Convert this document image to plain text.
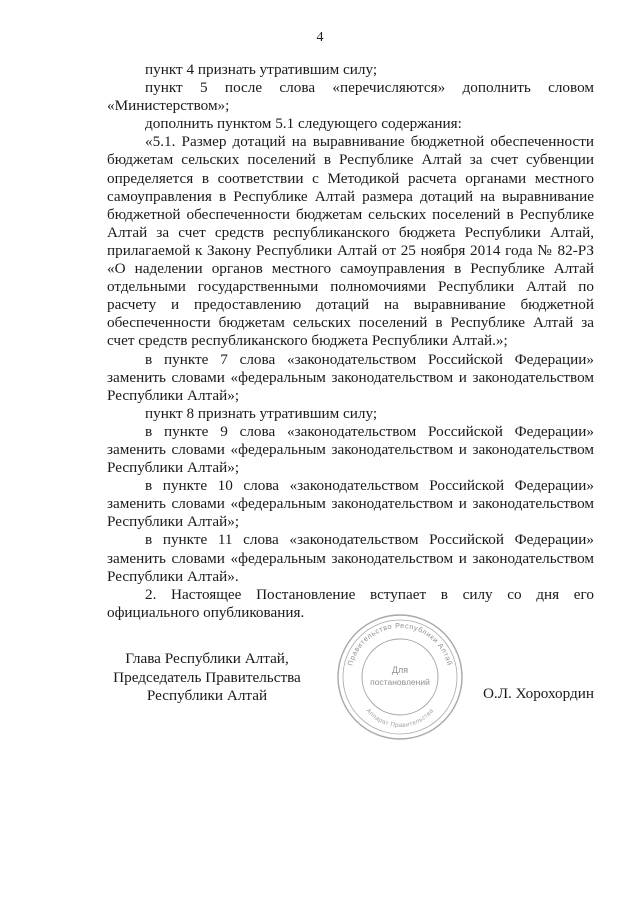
4

пункт 4 признать утратившим силу;

пункт 5 после слова «перечисляются» дополнить словом «Министерством»;

дополнить пунктом 5.1 следующего содержания:

«5.1. Размер дотаций на выравнивание бюджетной обеспеченности бюджетам сельских поселений в Республике Алтай за счет субвенции определяется в соответствии с Методикой расчета органами местного самоуправления в Республике Алтай размера дотаций на выравнивание бюджетной обеспеченности бюджетам сельских поселений в Республике Алтай за счет средств республиканского бюджета Республики Алтай, прилагаемой к Закону Республики Алтай от 25 ноября 2014 года № 82-РЗ «О наделении органов местного самоуправления в Республике Алтай отдельными государственными полномочиями Республики Алтай по расчету и предоставлению дотаций на выравнивание бюджетной обеспеченности бюджетам сельских поселений в Республике Алтай за счет средств республиканского бюджета Республики Алтай.»;

в пункте 7 слова «законодательством Российской Федерации» заменить словами «федеральным законодательством и законодательством Республики Алтай»;

пункт 8 признать утратившим силу;

в пункте 9 слова «законодательством Российской Федерации» заменить словами «федеральным законодательством и законодательством Республики Алтай»;

в пункте 10 слова «законодательством Российской Федерации» заменить словами «федеральным законодательством и законодательством Республики Алтай»;

в пункте 11 слова «законодательством Российской Федерации» заменить словами «федеральным законодательством и законодательством Республики Алтай».

2. Настоящее Постановление вступает в силу со дня его официального опубликования.

Глава Республики Алтай,
Председатель Правительства
Республики Алтай	О.Л. Хорохордин
Правительство Республики Алтай
Аппарат Правительства
Для
постановлений
